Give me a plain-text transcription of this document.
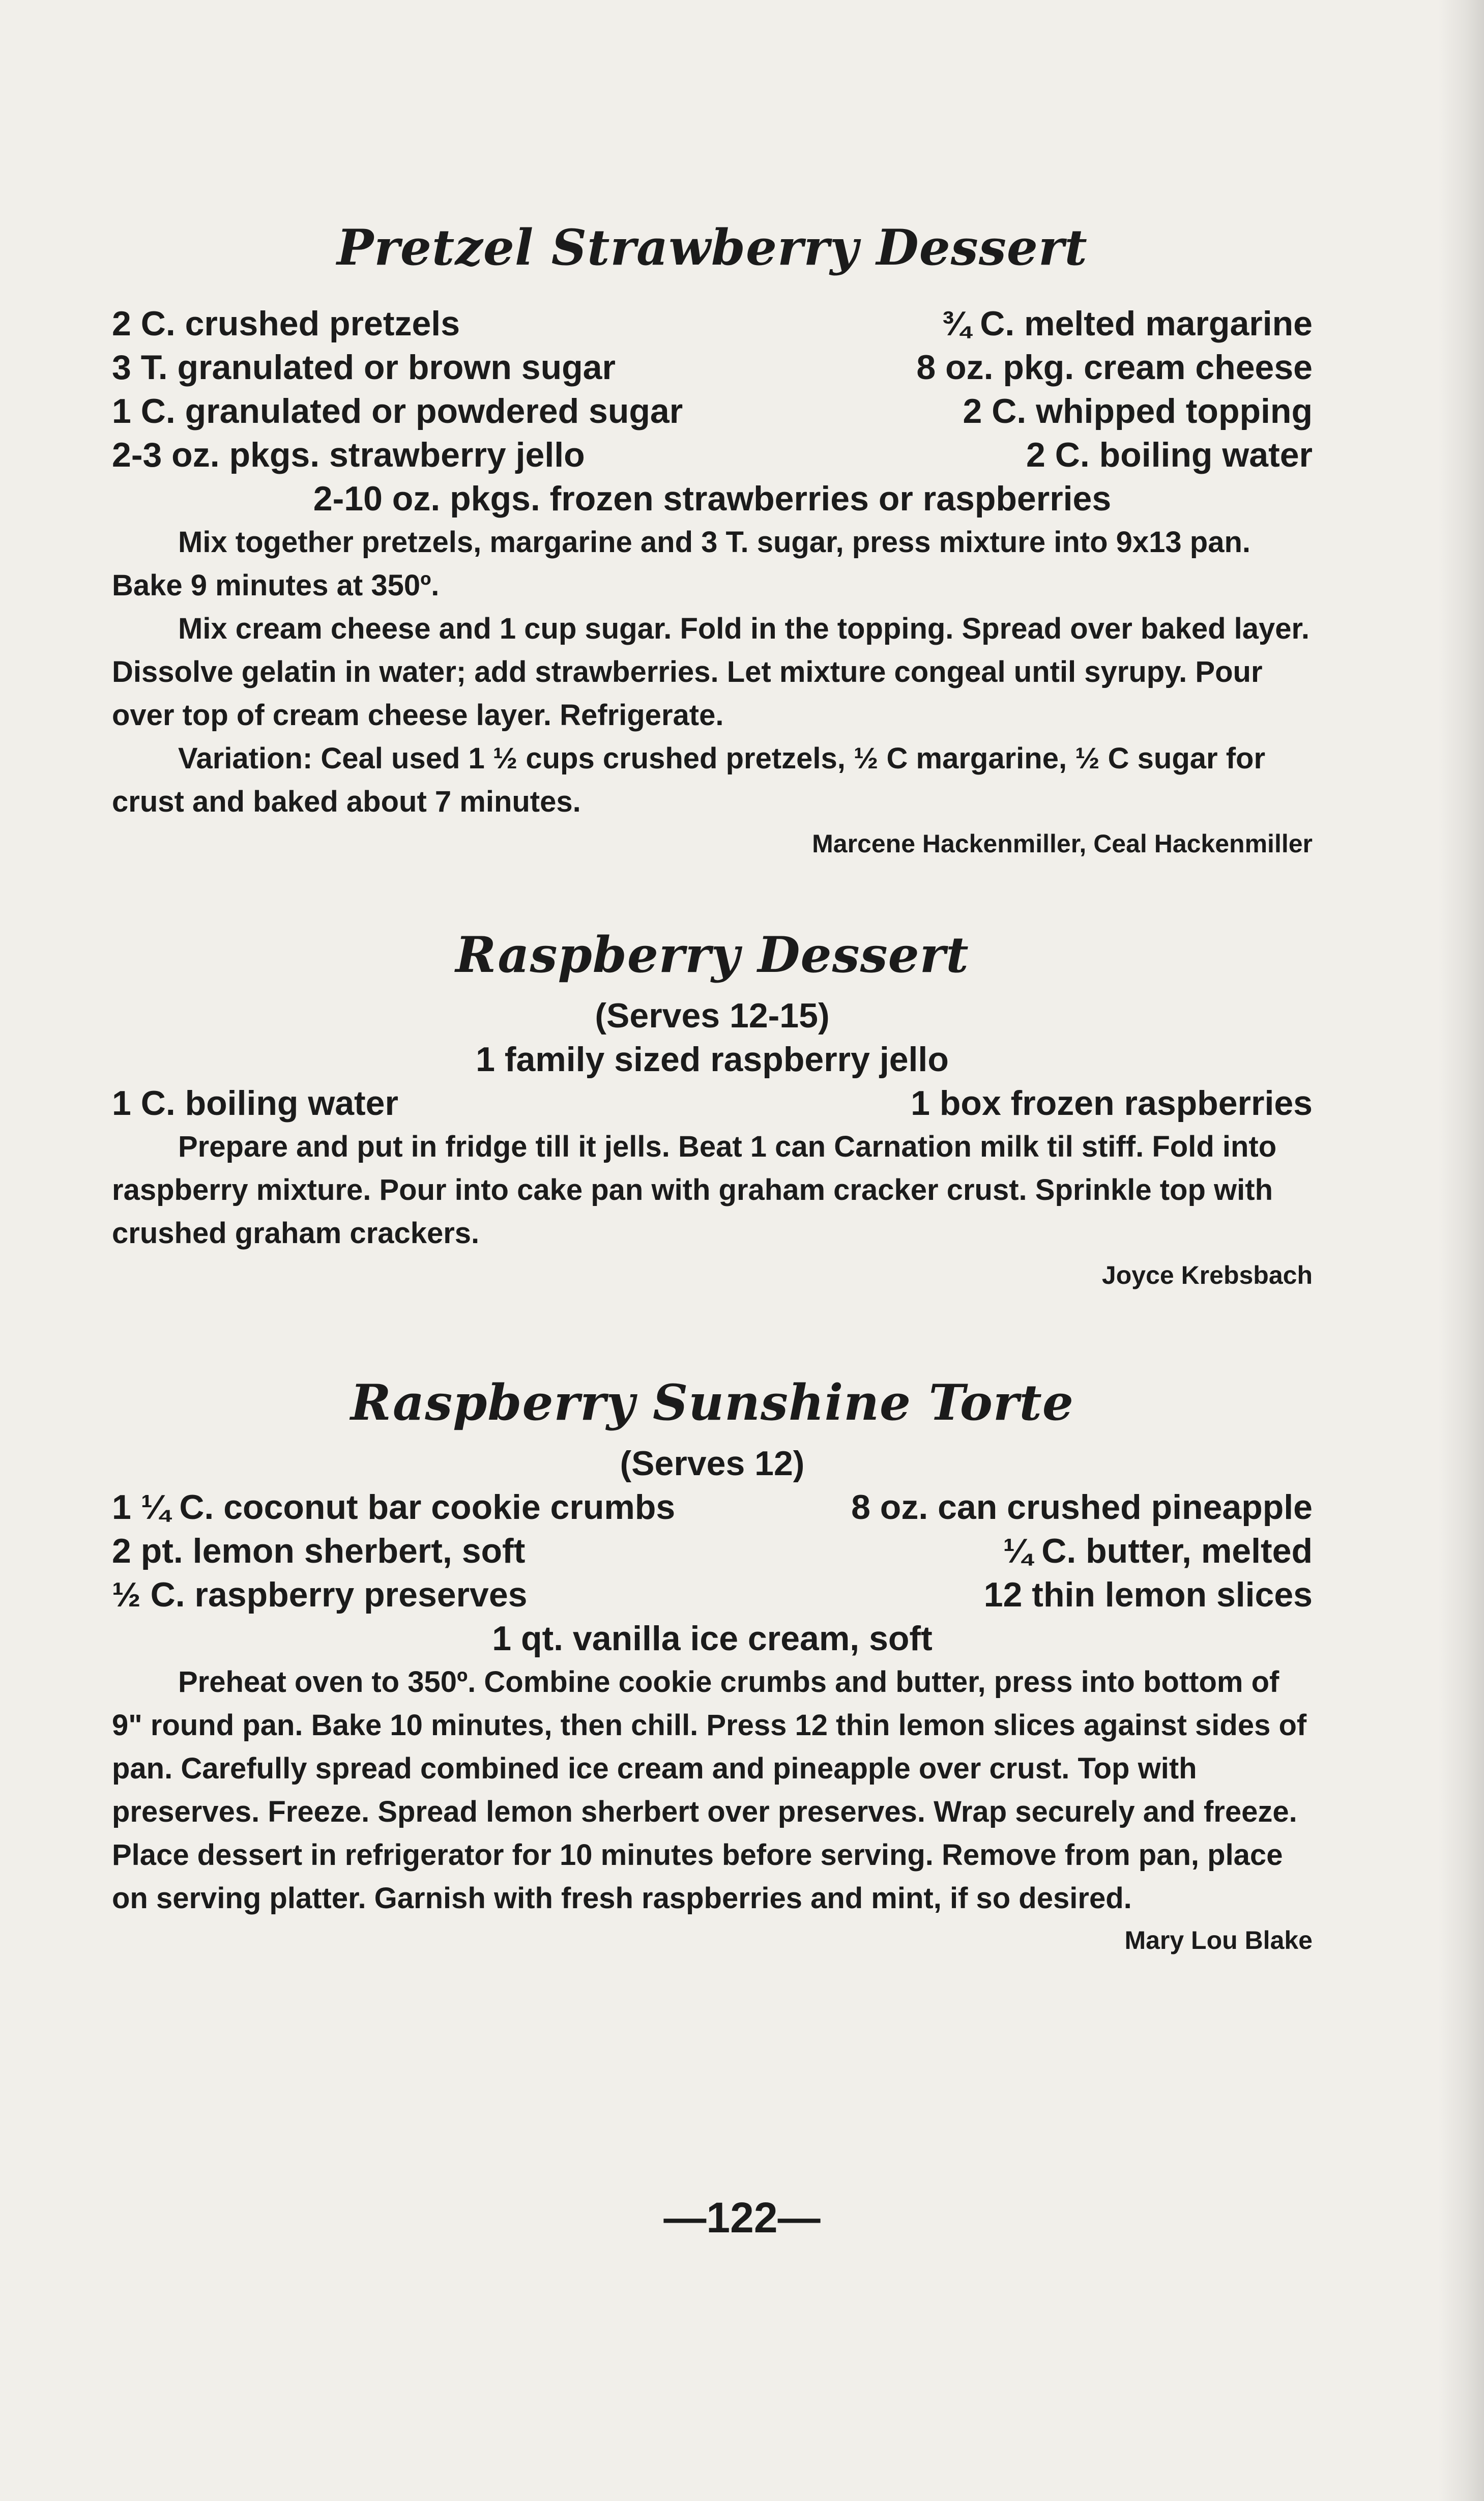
Pretzel Strawberry Dessert
2 C. crushed pretzels	¾ C. melted margarine
3 T. granulated or brown sugar	8 oz. pkg. cream cheese
1 C. granulated or powdered sugar	2 C. whipped topping
2-3 oz. pkgs. strawberry jello	2 C. boiling water
2-10 oz. pkgs. frozen strawberries or raspberries

Mix together pretzels, margarine and 3 T. sugar, press mixture into 9x13 pan. Bake 9 minutes at 350º.

Mix cream cheese and 1 cup sugar. Fold in the topping. Spread over baked layer. Dissolve gelatin in water; add strawberries. Let mixture congeal until syrupy. Pour over top of cream cheese layer. Refrigerate.

Variation: Ceal used 1 ½ cups crushed pretzels, ½ C margarine, ½ C sugar for crust and baked about 7 minutes.

Marcene Hackenmiller, Ceal Hackenmiller
Raspberry Dessert
(Serves 12-15)
1 family sized raspberry jello
1 C. boiling water	1 box frozen raspberries

Prepare and put in fridge till it jells. Beat 1 can Carnation milk til stiff. Fold into raspberry mixture. Pour into cake pan with graham cracker crust. Sprinkle top with crushed graham crackers.

Joyce Krebsbach
Raspberry Sunshine Torte
(Serves 12)
1 ¼ C. coconut bar cookie crumbs	8 oz. can crushed pineapple
2 pt. lemon sherbert, soft	¼ C. butter, melted
½ C. raspberry preserves	12 thin lemon slices
1 qt. vanilla ice cream, soft

Preheat oven to 350º. Combine cookie crumbs and butter, press into bottom of 9" round pan. Bake 10 minutes, then chill. Press 12 thin lemon slices against sides of pan. Carefully spread combined ice cream and pineapple over crust. Top with preserves. Freeze. Spread lemon sherbert over preserves. Wrap securely and freeze. Place dessert in refrigerator for 10 minutes before serving. Remove from pan, place on serving platter. Garnish with fresh raspberries and mint, if so desired.

Mary Lou Blake
—122—
